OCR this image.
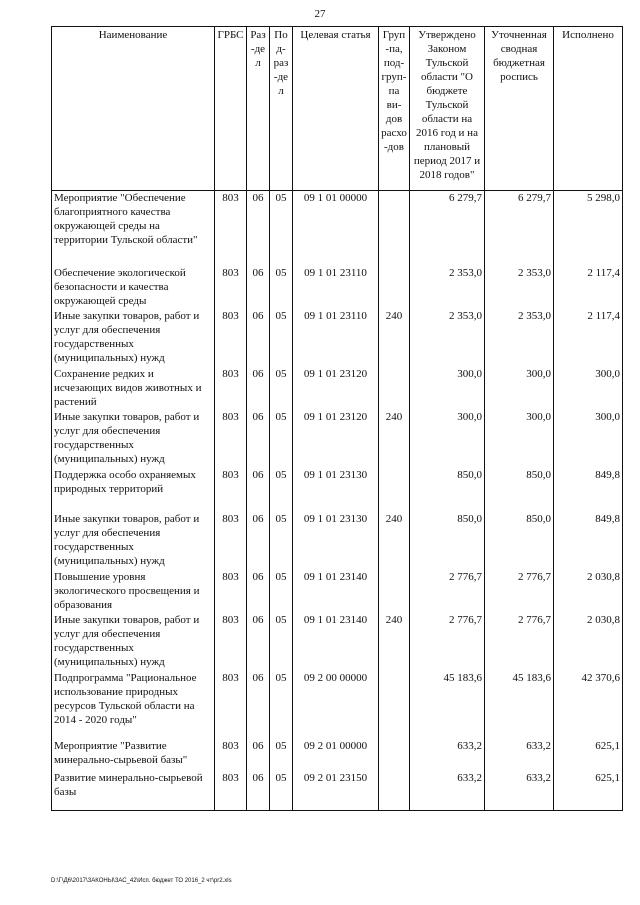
27
Наименование	ГРБС	Раз-дел	Под-раз-дел	Целевая статья	Груп-па, под-груп-па ви-дов расхо-дов	Утверждено Законом Тульской области "О бюджете Тульской области на 2016 год и на плановый период 2017 и 2018 годов"	Уточненная сводная бюджетная роспись	Исполнено
Мероприятие "Обеспечение благоприятного качества окружающей среды на территории Тульской области"	803	06	05	09 1 01 00000		6 279,7	6 279,7	5 298,0
Обеспечение экологической безопасности и качества окружающей среды	803	06	05	09 1 01 23110		2 353,0	2 353,0	2 117,4
Иные закупки товаров, работ и услуг для обеспечения государственных (муниципальных) нужд	803	06	05	09 1 01 23110	240	2 353,0	2 353,0	2 117,4
Сохранение редких и исчезающих видов животных и растений	803	06	05	09 1 01 23120		300,0	300,0	300,0
Иные закупки товаров, работ и услуг для обеспечения государственных (муниципальных) нужд	803	06	05	09 1 01 23120	240	300,0	300,0	300,0
Поддержка особо охраняемых природных территорий	803	06	05	09 1 01 23130		850,0	850,0	849,8
Иные закупки товаров, работ и услуг для обеспечения государственных (муниципальных) нужд	803	06	05	09 1 01 23130	240	850,0	850,0	849,8
Повышение уровня экологического просвещения и образования	803	06	05	09 1 01 23140		2 776,7	2 776,7	2 030,8
Иные закупки товаров, работ и услуг для обеспечения государственных (муниципальных) нужд	803	06	05	09 1 01 23140	240	2 776,7	2 776,7	2 030,8
Подпрограмма "Рациональное использование природных ресурсов Тульской области на 2014 - 2020 годы"	803	06	05	09 2 00 00000		45 183,6	45 183,6	42 370,6
Мероприятие "Развитие минерально-сырьевой базы"	803	06	05	09 2 01 00000		633,2	633,2	625,1
Развитие минерально-сырьевой базы	803	06	05	09 2 01 23150		633,2	633,2	625,1
D:\Г\Д6\2017\ЗАКОНЫ\ЗАС_42\Исп. бюджет ТО 2016_2 чт\pr2.xls
